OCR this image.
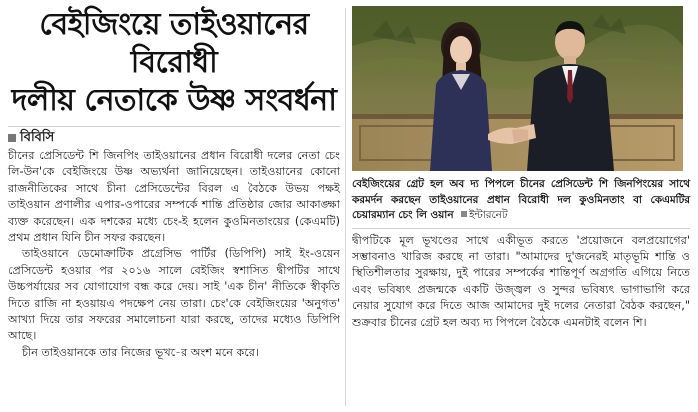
বেইজিংয়ে তাইওয়ানের বিরোধী
দলীয় নেতাকে উষ্ণ সংবর্ধনা
বিবিসি

চীনের প্রেসিডেন্ট শি জিনপিং তাইওয়ানের প্রধান বিরোধী দলের নেতা চেং লি-উন'কে বেইজিংয়ে উষ্ণ অভ্যর্থনা জানিয়েছেন। তাইওয়ানের কোনো রাজনীতিকের সাথে চীনা প্রেসিডেন্টের বিরল এ বৈঠকে উভয় পক্ষই তাইওয়ান প্রণালীর এপার-ওপারের সম্পর্কে শান্তি প্রতিষ্ঠার জোর আকাঙ্ক্ষা ব্যক্ত করেছেন। এক দশকের মধ্যে চেং-ই হলেন কুওমিনতাংয়ের (কেএমটি) প্রথম প্রধান যিনি চীন সফর করছেন।

তাইওয়ানে ডেমোক্রাটিক প্রগ্রেসিভ পার্টির (ডিপিপি) সাই ইং-ওয়েন প্রেসিডেন্ট হওয়ার পর ২০১৬ সালে বেইজিং স্বশাসিত দ্বীপটির সাথে উচ্চপর্যায়ের সব যোগাযোগ বন্ধ করে দেয়। সাই 'এক চীন' নীতিকে স্বীকৃতি দিতে রাজি না হওয়ায়এ পদক্ষেপ নেয় তারা। চেং'কে বেইজিংয়ের 'অনুগত' আখ্যা দিয়ে তার সফরের সমালোচনা যারা করছে, তাদের মধ্যেও ডিপিপি আছে।

চীন তাইওয়ানকে তার নিজের ভূখ-ের অংশ মনে করে।

বেইজিংয়ের গ্রেট হল অব দ্য পিপলে চীনের প্রেসিডেন্ট শি জিনপিংয়ের সাথে করমর্দন করছেন তাইওয়ানের প্রধান বিরোধী দল কুওমিনতাং বা কেএমটির চেয়ারম্যান চেং লি ওয়ান ইন্টারনেট

দ্বীপটিকে মূল ভূখণ্ডের সাথে একীভূত করতে 'প্রয়োজনে বলপ্রয়োগের' সম্ভাবনাও খারিজ করছে না তারা। "আমাদের দু'জনেরই মাতৃভূমি শান্তি ও স্থিতিশীলতার সুরক্ষায়, দুই পারের সম্পর্কের শান্তিপূর্ণ অগ্রগতি এগিয়ে নিতে এবং ভবিষ্যৎ প্রজন্মকে একটি উজ্জ্বল ও সুন্দর ভবিষ্যৎ ভাগাভাগি করে নেয়ার সুযোগ করে দিতে আজ আমাদের দুই দলের নেতারা বৈঠক করছেন," শুক্রবার চীনের গ্রেট হল অব্য দ্য পিপলে বৈঠকে এমনটাই বলেন শি।
